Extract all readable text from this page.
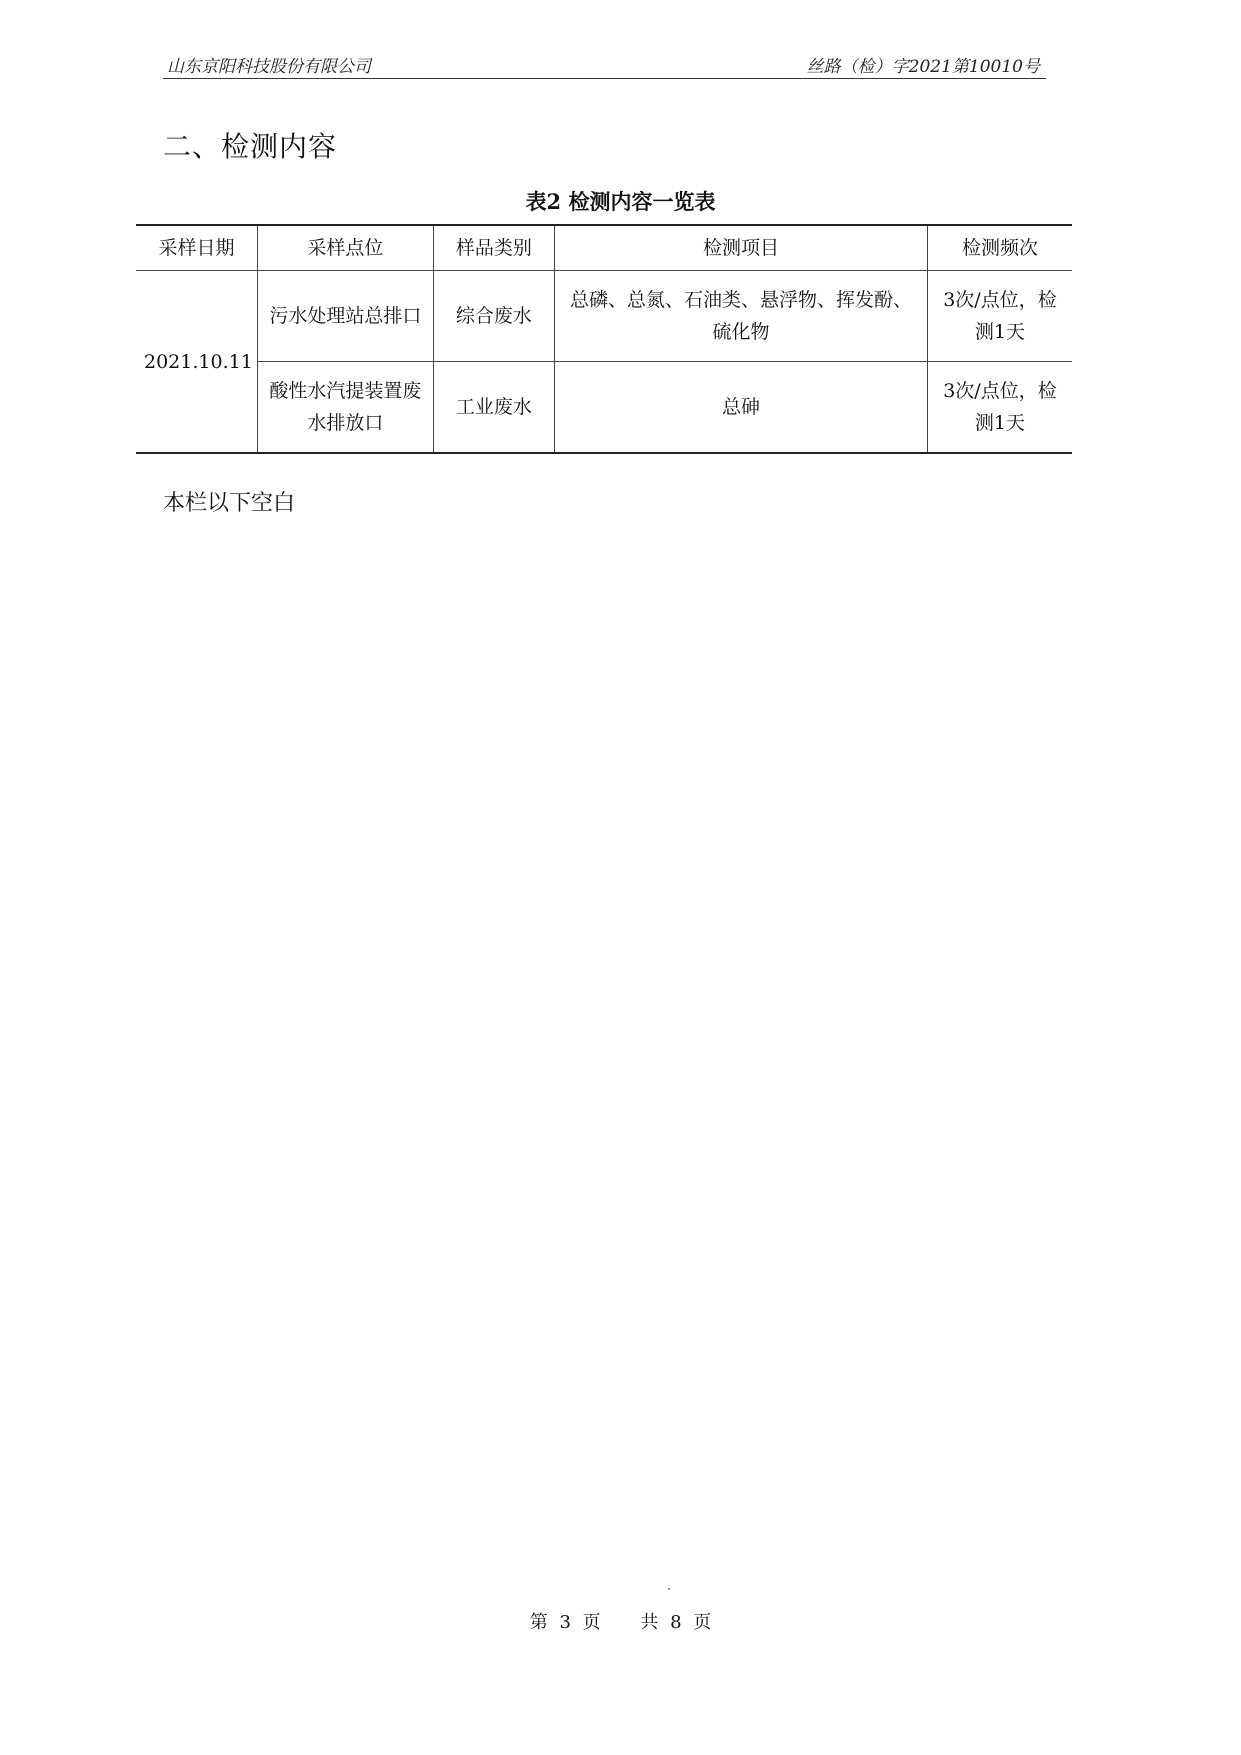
山东京阳科技股份有限公司	丝路（检）字2021第10010号
二、检测内容
表2 检测内容一览表
采样日期	采样点位	样品类别	检测项目	检测频次
2021.10.11	污水处理站总排口	综合废水	总磷、总氮、石油类、悬浮物、挥发酚、硫化物	3次/点位，检测1天
	酸性水汽提装置废水排放口	工业废水	总砷	3次/点位，检测1天
本栏以下空白
第 3 页 共 8 页
